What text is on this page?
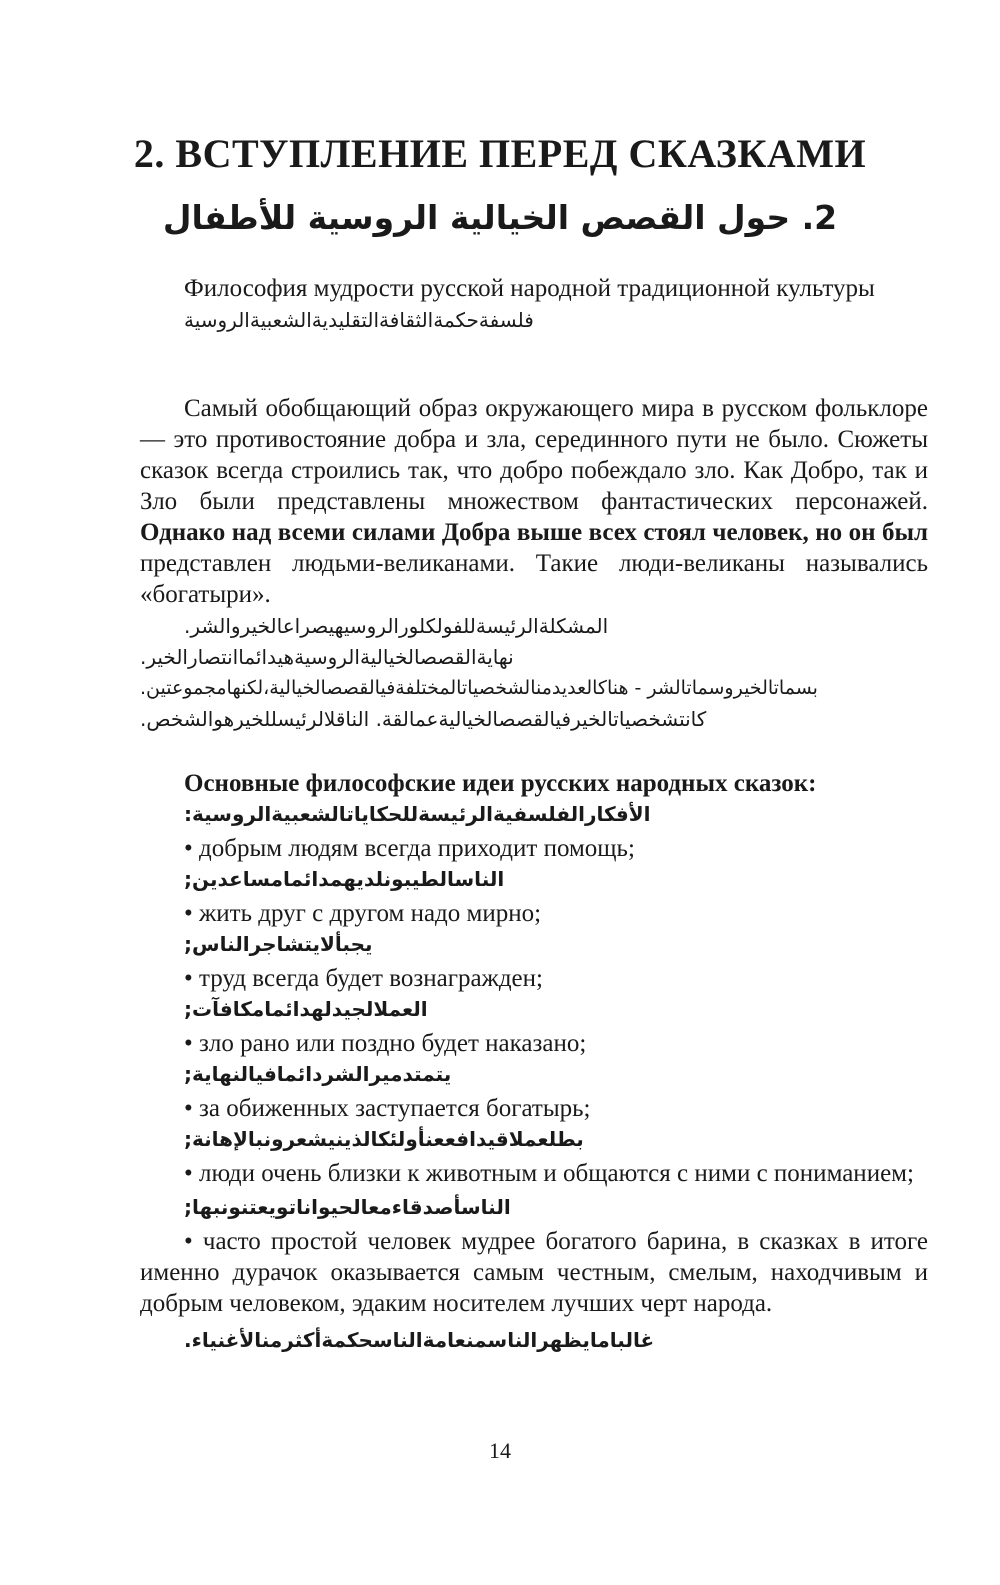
2. ВСТУПЛЕНИЕ ПЕРЕД СКАЗКАМИ
2. حول القصص الخيالية الروسية للأطفال

Философия мудрости русской народной традиционной культуры

فلسفةحكمةالثقافةالتقليديةالشعبيةالروسية

Самый обобщающий образ окружающего мира в русском фольклоре — это противостояние добра и зла, серединного пути не было. Сюжеты сказок всегда строились так, что добро побеждало зло. Как Добро, так и Зло были представлены множеством фантастических персонажей. Однако над всеми силами Добра выше всех стоял человек, но он был представлен людьми-великанами. Такие люди-великаны назывались «богатыри».

المشكلةالرئيسةللفولكلورالروسيهيصراعالخيروالشر.
نهايةالقصصالخياليةالروسيةهيدائماانتصارالخير.
بسماتالخيروسماتالشر - هناكالعديدمنالشخصياتالمختلفةفيالقصصالخيالية،لكنهامجموعتين.
كانتشخصياتالخيرفيالقصصالخياليةعمالقة. الناقلالرئيسللخيرهوالشخص.
Основные философские идеи русских народных сказок:
الأفكارالفلسفيةالرئيسةللحكاياتالشعبيةالروسية:

• добрым людям всегда приходит помощь;

الناسالطيبونلديهمدائمامساعدين;

• жить друг с другом надо мирно;

يجبألايتشاجرالناس;

• труд всегда будет вознагражден;

العملالجيدلهدائمامكافآت;

• зло рано или поздно будет наказано;

يتمتدميرالشردائمافيالنهاية;

• за обиженных заступается богатырь;

بطلعملاقيدافععنأولئكالذينيشعرونبالإهانة;

• люди очень близки к животным и общаются с ними с пониманием;

الناسأصدقاءمعالحيواناتويعتنونبها;

• часто простой человек мудрее богатого барина, в сказках в итоге именно дурачок оказывается самым честным, смелым, находчивым и добрым человеком, эдаким носителем лучших черт народа.

غالبامايظهرالناسمنعامةالناسحكمةأكثرمنالأغنياء.
14
